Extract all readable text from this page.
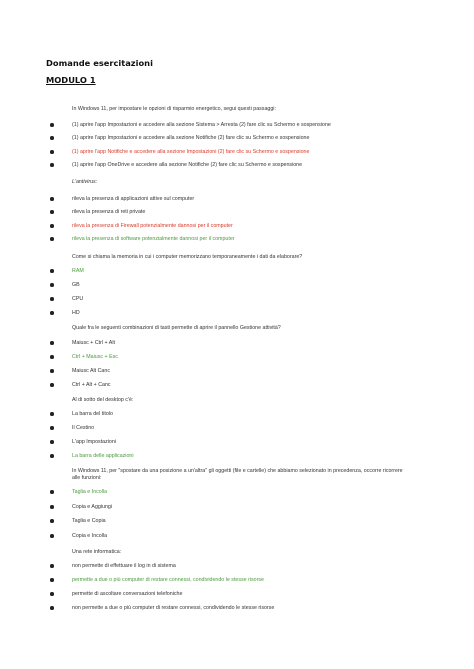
Domande esercitazioni
MODULO 1
In Windows 11, per impostare le opzioni di risparmio energetico, segui questi passaggi:
(1) aprire l'app Impostazioni e accedere alla sezione Sistema > Arresta (2) fare clic su Schermo e sospensione
(1) aprire l'app Impostazioni e accedere alla sezione Notifiche (2) fare clic su Schermo e sospensione
(1) aprire l'app Notifiche e accedere alla sezione Impostazioni (2) fare clic su Schermo e sospensione
(1) aprire l'app OneDrive e accedere alla sezione Notifiche (2) fare clic su Schermo e sospensione
L'antivirus:
rileva la presenza di applicazioni attive sul computer
rileva la presenza di reti private
rileva la presenza di Firewall potenzialmente dannosi per il computer
rileva la presenza di software potenzialmente dannosi per il computer
Come si chiama la memoria in cui i computer memorizzano temporaneamente i dati da elaborare?
RAM
GB
CPU
HD
Quale fra le seguenti combinazioni di tasti permette di aprire il pannello Gestione attività?
Maiusc + Ctrl + Alt
Ctrl + Maiusc + Esc
Maiusc Alt Canc
Ctrl + Alt + Canc
Al di sotto del desktop c'è:
La barra del titolo
Il Cestino
L'app Impostazioni
La barra delle applicazioni
In Windows 11, per "spostare da una posizione a un'altra" gli oggetti (file e cartelle) che abbiamo selezionato in precedenza, occorre ricorrere alle funzioni:
Taglia e Incolla
Copia e Aggiungi
Taglia e Copia
Copia e Incolla
Una rete informatica:
non permette di effettuare il log in di sistema
permette a due o più computer di restare connessi, condividendo le stesse risorse
permette di ascoltare conversazioni telefoniche
non permette a due o più computer di restare connessi, condividendo le stesse risorse
